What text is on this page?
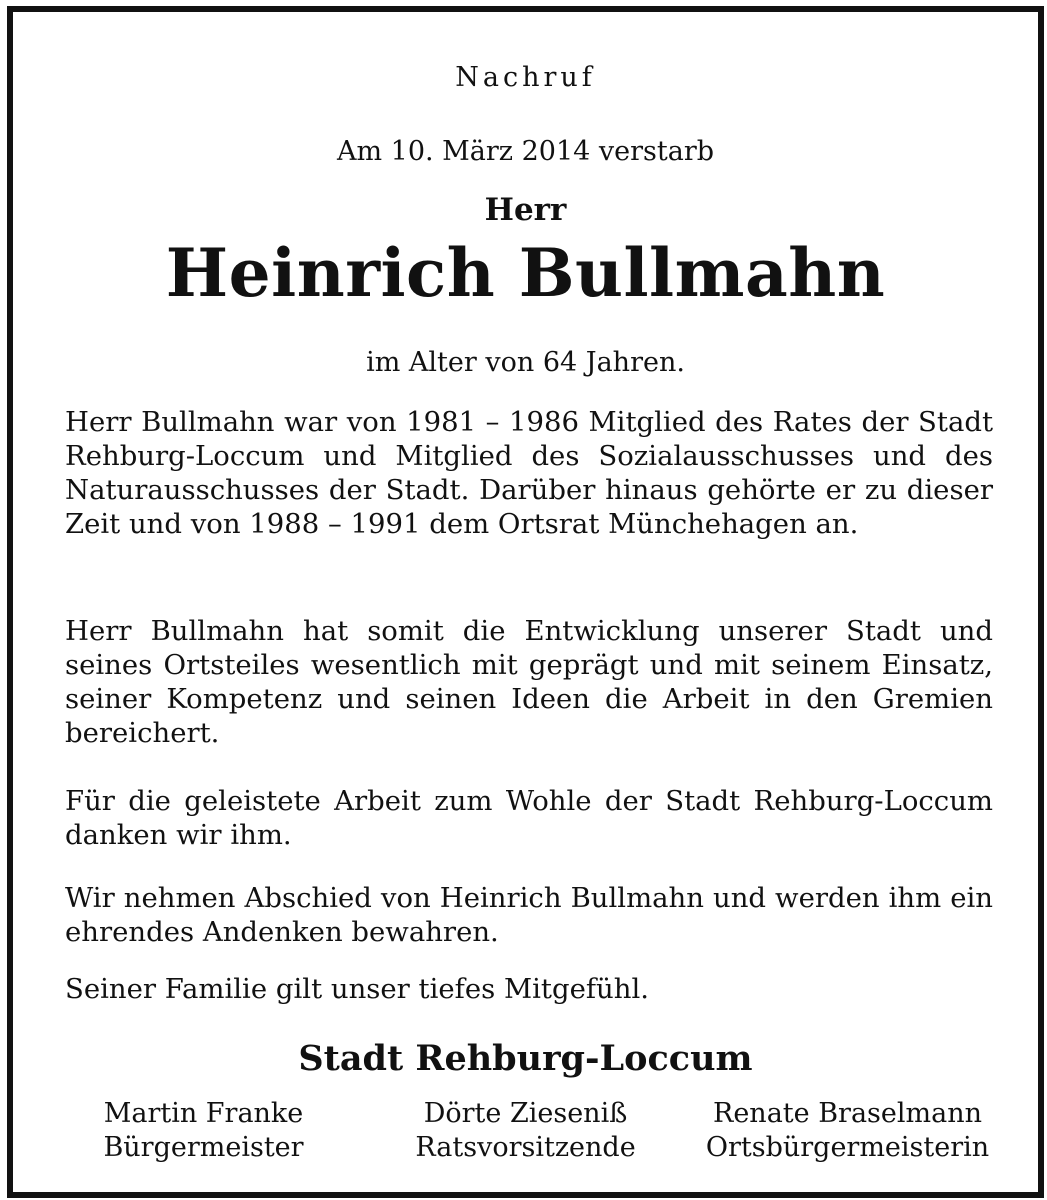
Nachruf
Am 10. März 2014 verstarb
Herr
Heinrich Bullmahn
im Alter von 64 Jahren.

Herr Bullmahn war von 1981 – 1986 Mitglied des Rates der Stadt Rehburg-Loccum und Mitglied des Sozialausschusses und des Naturausschusses der Stadt. Darüber hinaus gehörte er zu dieser Zeit und von 1988 – 1991 dem Ortsrat Münchehagen an.

Herr Bullmahn hat somit die Entwicklung unserer Stadt und seines Ortsteiles wesentlich mit geprägt und mit seinem Einsatz, seiner Kompetenz und seinen Ideen die Arbeit in den Gremien bereichert.

Für die geleistete Arbeit zum Wohle der Stadt Rehburg-Loccum danken wir ihm.

Wir nehmen Abschied von Heinrich Bullmahn und werden ihm ein ehrendes Andenken bewahren.

Seiner Familie gilt unser tiefes Mitgefühl.

Stadt Rehburg-Loccum
Martin Franke
Bürgermeister
Dörte Ziesenіß
Ratsvorsitzende
Renate Braselmann
Ortsbürgermeisterin
